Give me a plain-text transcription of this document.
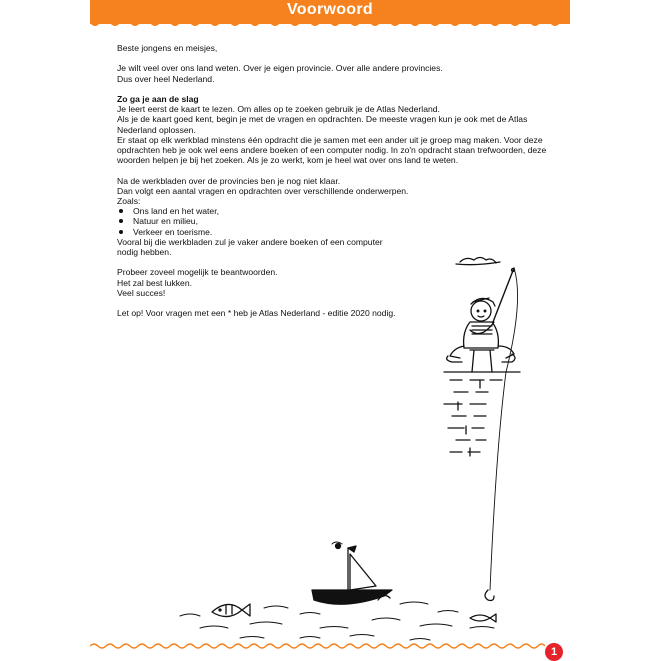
Voorwoord

Beste jongens en meisjes,

Je wilt veel over ons land weten. Over je eigen provincie. Over alle andere provincies.
Dus over heel Nederland.

Zo ga je aan de slag
Je leert eerst de kaart te lezen. Om alles op te zoeken gebruik je de Atlas Nederland.
Als je de kaart goed kent, begin je met de vragen en opdrachten. De meeste vragen kun je ook met de Atlas
Nederland oplossen.
Er staat op elk werkblad minstens één opdracht die je samen met een ander uit je groep mag maken. Voor deze
opdrachten heb je ook wel eens andere boeken of een computer nodig. In zo'n opdracht staan trefwoorden, deze
woorden helpen je bij het zoeken. Als je zo werkt, kom je heel wat over ons land te weten.

Na de werkbladen over de provincies ben je nog niet klaar.
Dan volgt een aantal vragen en opdrachten over verschillende onderwerpen.
Zoals:
Ons land en het water,
Natuur en milieu,
Verkeer en toerisme.
Vooral bij die werkbladen zul je vaker andere boeken of een computer
nodig hebben.

Probeer zoveel mogelijk te beantwoorden.
Het zal best lukken.
Veel succes!

Let op! Voor vragen met een * heb je Atlas Nederland - editie 2020 nodig.

1
